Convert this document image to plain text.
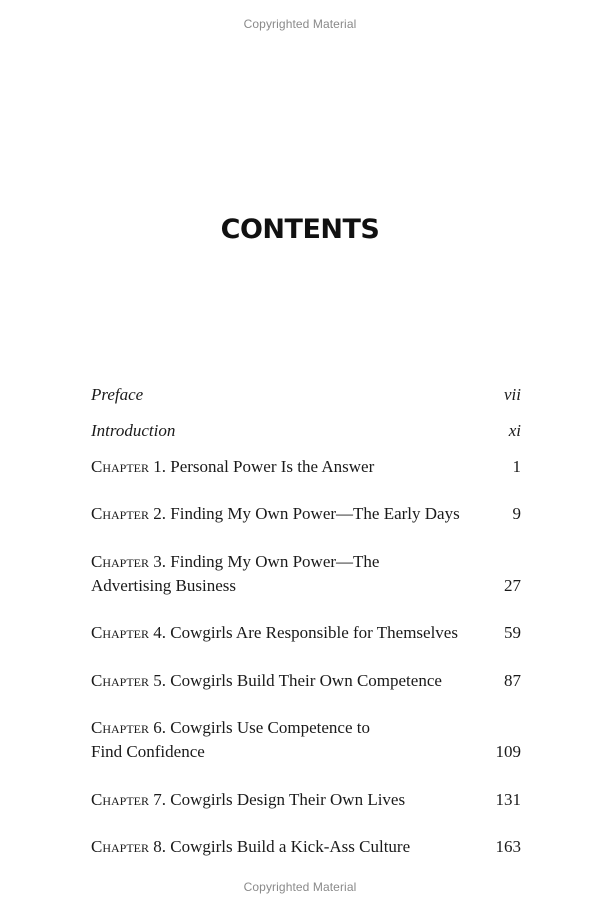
Copyrighted Material
CONTENTS
Preface	vii
Introduction	xi
Chapter 1. Personal Power Is the Answer	1
Chapter 2. Finding My Own Power—The Early Days	9
Chapter 3. Finding My Own Power—The
Advertising Business	27
Chapter 4. Cowgirls Are Responsible for Themselves	59
Chapter 5. Cowgirls Build Their Own Competence	87
Chapter 6. Cowgirls Use Competence to
Find Confidence	109
Chapter 7. Cowgirls Design Their Own Lives	131
Chapter 8. Cowgirls Build a Kick-Ass Culture	163
Copyrighted Material
